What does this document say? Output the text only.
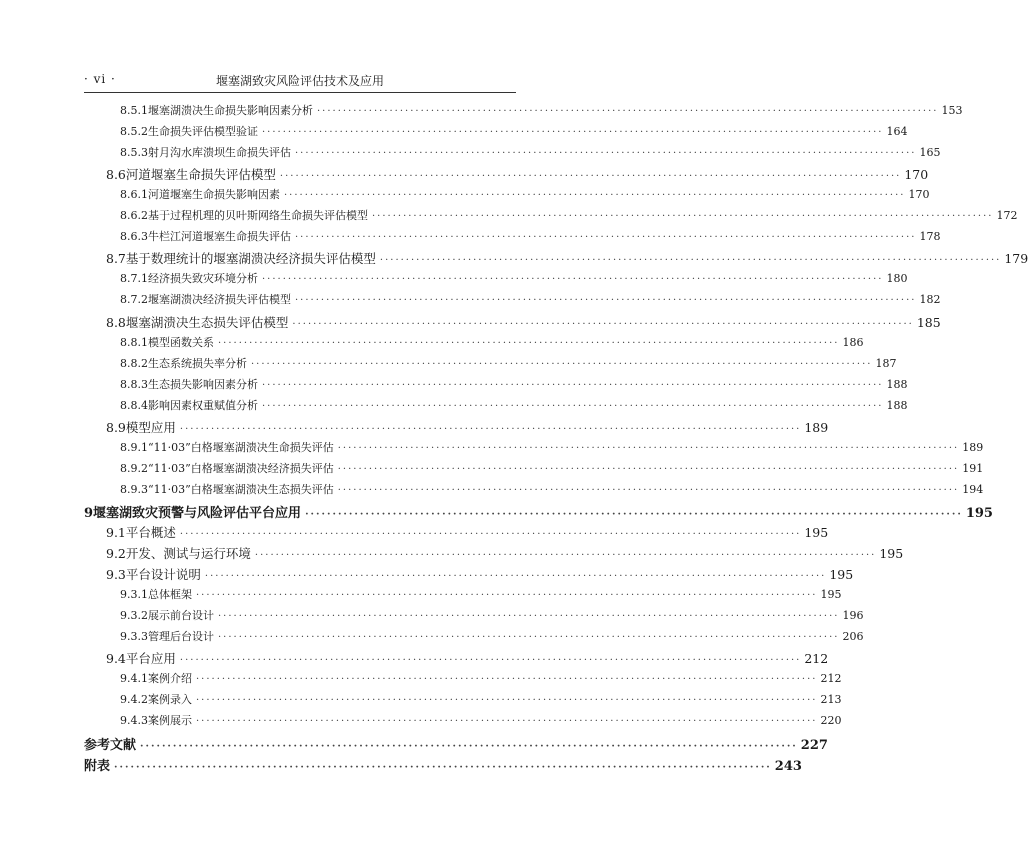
· vi ·	堰塞湖致灾风险评估技术及应用
8.5.1 堰塞湖溃决生命损失影响因素分析 ························································································································ 153
8.5.2 生命损失评估模型验证 ························································································································ 164
8.5.3 射月沟水库溃坝生命损失评估 ························································································································ 165
8.6 河道堰塞生命损失评估模型 ························································································································ 170
8.6.1 河道堰塞生命损失影响因素 ························································································································ 170
8.6.2 基于过程机理的贝叶斯网络生命损失评估模型 ························································································································ 172
8.6.3 牛栏江河道堰塞生命损失评估 ························································································································ 178
8.7 基于数理统计的堰塞湖溃决经济损失评估模型 ························································································································ 179
8.7.1 经济损失致灾环境分析 ························································································································ 180
8.7.2 堰塞湖溃决经济损失评估模型 ························································································································ 182
8.8 堰塞湖溃决生态损失评估模型 ························································································································ 185
8.8.1 模型函数关系 ························································································································ 186
8.8.2 生态系统损失率分析 ························································································································ 187
8.8.3 生态损失影响因素分析 ························································································································ 188
8.8.4 影响因素权重赋值分析 ························································································································ 188
8.9 模型应用 ························································································································ 189
8.9.1 “11·03”白格堰塞湖溃决生命损失评估 ························································································································ 189
8.9.2 “11·03”白格堰塞湖溃决经济损失评估 ························································································································ 191
8.9.3 “11·03”白格堰塞湖溃决生态损失评估 ························································································································ 194
9 堰塞湖致灾预警与风险评估平台应用 ························································································································ 195
9.1 平台概述 ························································································································ 195
9.2 开发、测试与运行环境 ························································································································ 195
9.3 平台设计说明 ························································································································ 195
9.3.1 总体框架 ························································································································ 195
9.3.2 展示前台设计 ························································································································ 196
9.3.3 管理后台设计 ························································································································ 206
9.4 平台应用 ························································································································ 212
9.4.1 案例介绍 ························································································································ 212
9.4.2 案例录入 ························································································································ 213
9.4.3 案例展示 ························································································································ 220
参考文献 ························································································································ 227
附表 ························································································································ 243
